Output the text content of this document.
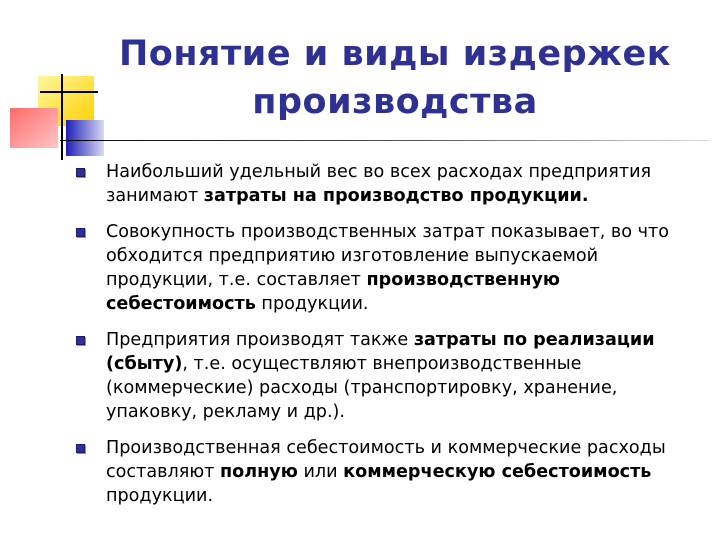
Понятие и виды издержек производства
Наибольший удельный вес во всех расходах предприятия занимают затраты на производство продукции.
Совокупность производственных затрат показывает, во что обходится предприятию изготовление выпускаемой продукции, т.е. составляет производственную себестоимость продукции.
Предприятия производят также затраты по реализации (сбыту), т.е. осуществляют внепроизводственные (коммерческие) расходы (транспортировку, хранение, упаковку, рекламу и др.).
Производственная себестоимость и коммерческие расходы составляют полную или коммерческую себестоимость продукции.
